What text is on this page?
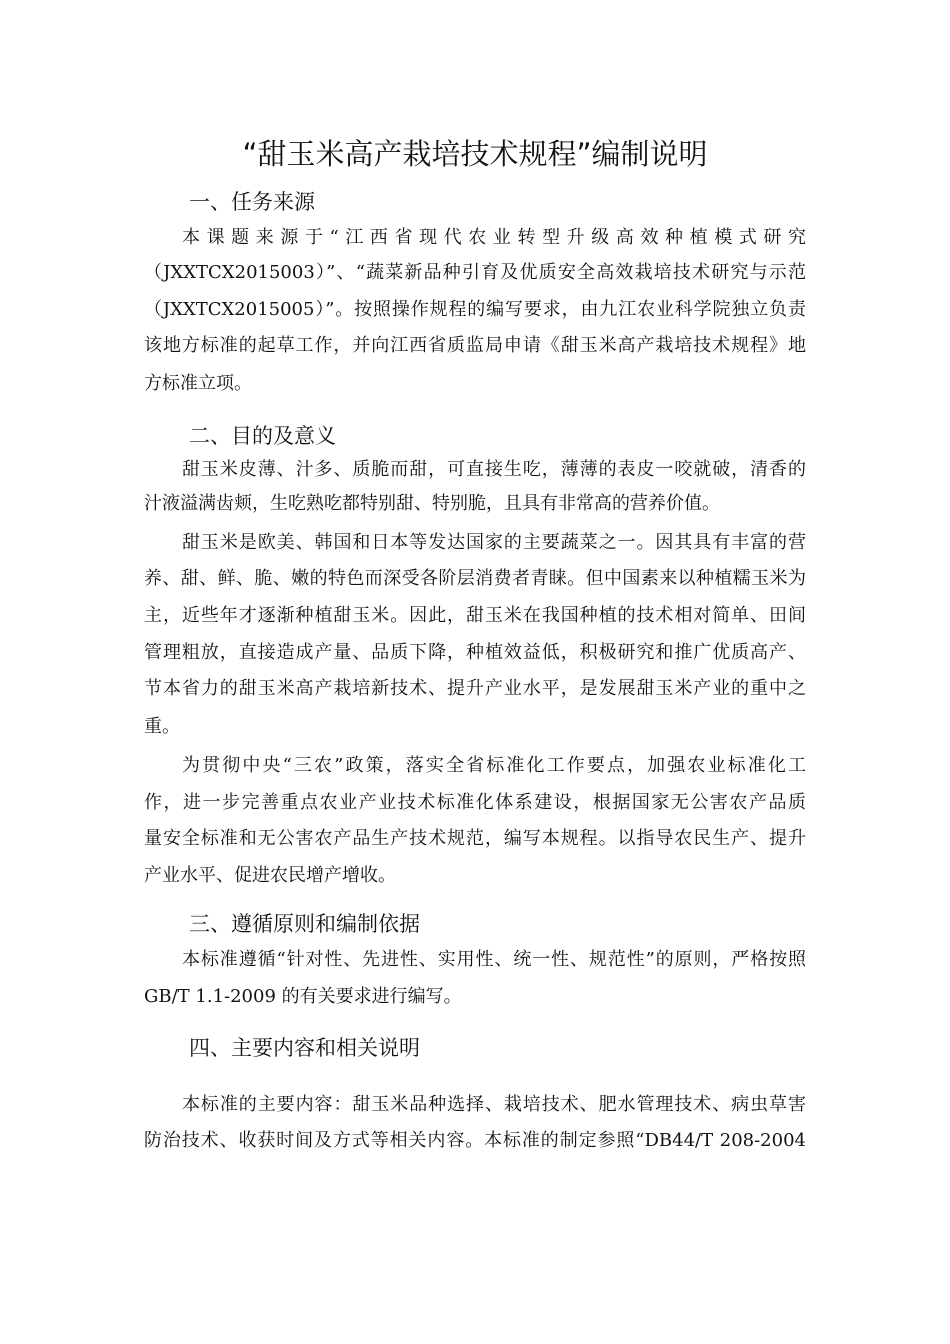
“甜玉米高产栽培技术规程”编制说明
一、任务来源
本课题来源于“江西省现代农业转型升级高效种植模式研究
（JXXTCX2015003）”、“蔬菜新品种引育及优质安全高效栽培技术研究与示范
（JXXTCX2015005）”。按照操作规程的编写要求，由九江农业科学院独立负责
该地方标准的起草工作，并向江西省质监局申请《甜玉米高产栽培技术规程》地
方标准立项。
二、目的及意义
甜玉米皮薄、汁多、质脆而甜，可直接生吃，薄薄的表皮一咬就破，清香的
汁液溢满齿颊，生吃熟吃都特别甜、特别脆，且具有非常高的营养价值。
甜玉米是欧美、韩国和日本等发达国家的主要蔬菜之一。因其具有丰富的营
养、甜、鲜、脆、嫩的特色而深受各阶层消费者青睐。但中国素来以种植糯玉米为
主，近些年才逐渐种植甜玉米。因此，甜玉米在我国种植的技术相对简单、田间
管理粗放，直接造成产量、品质下降，种植效益低，积极研究和推广优质高产、
节本省力的甜玉米高产栽培新技术、提升产业水平，是发展甜玉米产业的重中之
重。
为贯彻中央“三农”政策，落实全省标准化工作要点，加强农业标准化工
作，进一步完善重点农业产业技术标准化体系建设，根据国家无公害农产品质
量安全标准和无公害农产品生产技术规范，编写本规程。以指导农民生产、提升
产业水平、促进农民增产增收。
三、遵循原则和编制依据
本标准遵循“针对性、先进性、实用性、统一性、规范性”的原则，严格按照
GB/T 1.1-2009 的有关要求进行编写。
四、主要内容和相关说明
本标准的主要内容：甜玉米品种选择、栽培技术、肥水管理技术、病虫草害
防治技术、收获时间及方式等相关内容。本标准的制定参照“DB44/T 208-2004
